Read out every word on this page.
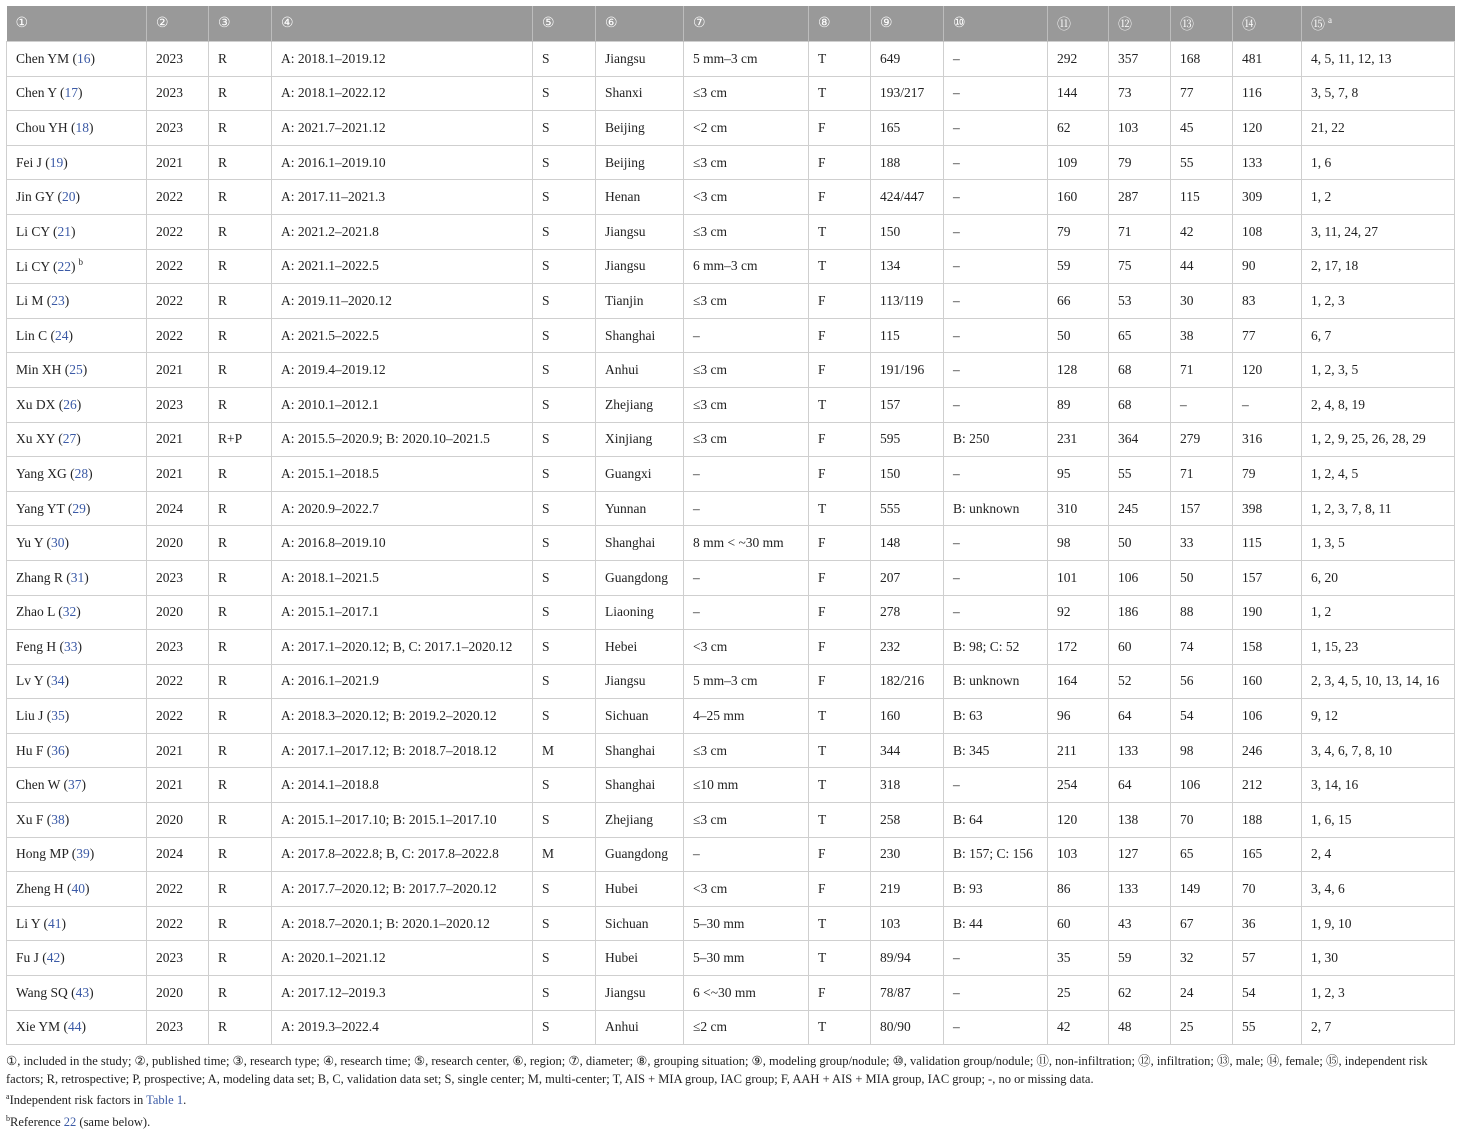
①	②	③	④	⑤	⑥	⑦	⑧	⑨	⑩	⑪	⑫	⑬	⑭	⑮ $^a$
Chen YM (16)	2023	R	A: 2018.1–2019.12	S	Jiangsu	5 mm–3 cm	T	649	–	292	357	168	481	4, 5, 11, 12, 13
Chen Y (17)	2023	R	A: 2018.1–2022.12	S	Shanxi	≤3 cm	T	193/217	–	144	73	77	116	3, 5, 7, 8
Chou YH (18)	2023	R	A: 2021.7–2021.12	S	Beijing	<2 cm	F	165	–	62	103	45	120	21, 22
Fei J (19)	2021	R	A: 2016.1–2019.10	S	Beijing	≤3 cm	F	188	–	109	79	55	133	1, 6
Jin GY (20)	2022	R	A: 2017.11–2021.3	S	Henan	<3 cm	F	424/447	–	160	287	115	309	1, 2
Li CY (21)	2022	R	A: 2021.2–2021.8	S	Jiangsu	≤3 cm	T	150	–	79	71	42	108	3, 11, 24, 27
Li CY (22) $^b$	2022	R	A: 2021.1–2022.5	S	Jiangsu	6 mm–3 cm	T	134	–	59	75	44	90	2, 17, 18
Li M (23)	2022	R	A: 2019.11–2020.12	S	Tianjin	≤3 cm	F	113/119	–	66	53	30	83	1, 2, 3
Lin C (24)	2022	R	A: 2021.5–2022.5	S	Shanghai	–	F	115	–	50	65	38	77	6, 7
Min XH (25)	2021	R	A: 2019.4–2019.12	S	Anhui	≤3 cm	F	191/196	–	128	68	71	120	1, 2, 3, 5
Xu DX (26)	2023	R	A: 2010.1–2012.1	S	Zhejiang	≤3 cm	T	157	–	89	68	–	–	2, 4, 8, 19
Xu XY (27)	2021	R+P	A: 2015.5–2020.9; B: 2020.10–2021.5	S	Xinjiang	≤3 cm	F	595	B: 250	231	364	279	316	1, 2, 9, 25, 26, 28, 29
Yang XG (28)	2021	R	A: 2015.1–2018.5	S	Guangxi	–	F	150	–	95	55	71	79	1, 2, 4, 5
Yang YT (29)	2024	R	A: 2020.9–2022.7	S	Yunnan	–	T	555	B: unknown	310	245	157	398	1, 2, 3, 7, 8, 11
Yu Y (30)	2020	R	A: 2016.8–2019.10	S	Shanghai	8 mm < ~30 mm	F	148	–	98	50	33	115	1, 3, 5
Zhang R (31)	2023	R	A: 2018.1–2021.5	S	Guangdong	–	F	207	–	101	106	50	157	6, 20
Zhao L (32)	2020	R	A: 2015.1–2017.1	S	Liaoning	–	F	278	–	92	186	88	190	1, 2
Feng H (33)	2023	R	A: 2017.1–2020.12; B, C: 2017.1–2020.12	S	Hebei	<3 cm	F	232	B: 98; C: 52	172	60	74	158	1, 15, 23
Lv Y (34)	2022	R	A: 2016.1–2021.9	S	Jiangsu	5 mm–3 cm	F	182/216	B: unknown	164	52	56	160	2, 3, 4, 5, 10, 13, 14, 16
Liu J (35)	2022	R	A: 2018.3–2020.12; B: 2019.2–2020.12	S	Sichuan	4–25 mm	T	160	B: 63	96	64	54	106	9, 12
Hu F (36)	2021	R	A: 2017.1–2017.12; B: 2018.7–2018.12	M	Shanghai	≤3 cm	T	344	B: 345	211	133	98	246	3, 4, 6, 7, 8, 10
Chen W (37)	2021	R	A: 2014.1–2018.8	S	Shanghai	≤10 mm	T	318	–	254	64	106	212	3, 14, 16
Xu F (38)	2020	R	A: 2015.1–2017.10; B: 2015.1–2017.10	S	Zhejiang	≤3 cm	T	258	B: 64	120	138	70	188	1, 6, 15
Hong MP (39)	2024	R	A: 2017.8–2022.8; B, C: 2017.8–2022.8	M	Guangdong	–	F	230	B: 157; C: 156	103	127	65	165	2, 4
Zheng H (40)	2022	R	A: 2017.7–2020.12; B: 2017.7–2020.12	S	Hubei	<3 cm	F	219	B: 93	86	133	149	70	3, 4, 6
Li Y (41)	2022	R	A: 2018.7–2020.1; B: 2020.1–2020.12	S	Sichuan	5–30 mm	T	103	B: 44	60	43	67	36	1, 9, 10
Fu J (42)	2023	R	A: 2020.1–2021.12	S	Hubei	5–30 mm	T	89/94	–	35	59	32	57	1, 30
Wang SQ (43)	2020	R	A: 2017.12–2019.3	S	Jiangsu	6 <~30 mm	F	78/87	–	25	62	24	54	1, 2, 3
Xie YM (44)	2023	R	A: 2019.3–2022.4	S	Anhui	≤2 cm	T	80/90	–	42	48	25	55	2, 7

①, included in the study; ②, published time; ③, research type; ④, research time; ⑤, research center, ⑥, region; ⑦, diameter; ⑧, grouping situation; ⑨, modeling group/nodule; ⑩, validation group/nodule; ⑪, non-infiltration; ⑫, infiltration; ⑬, male; ⑭, female; ⑮, independent risk factors; R, retrospective; P, prospective; A, modeling data set; B, C, validation data set; S, single center; M, multi-center; T, AIS + MIA group, IAC group; F, AAH + AIS + MIA group, IAC group; -, no or missing data.

$^a$Independent risk factors in Table 1.

$^b$Reference 22 (same below).
